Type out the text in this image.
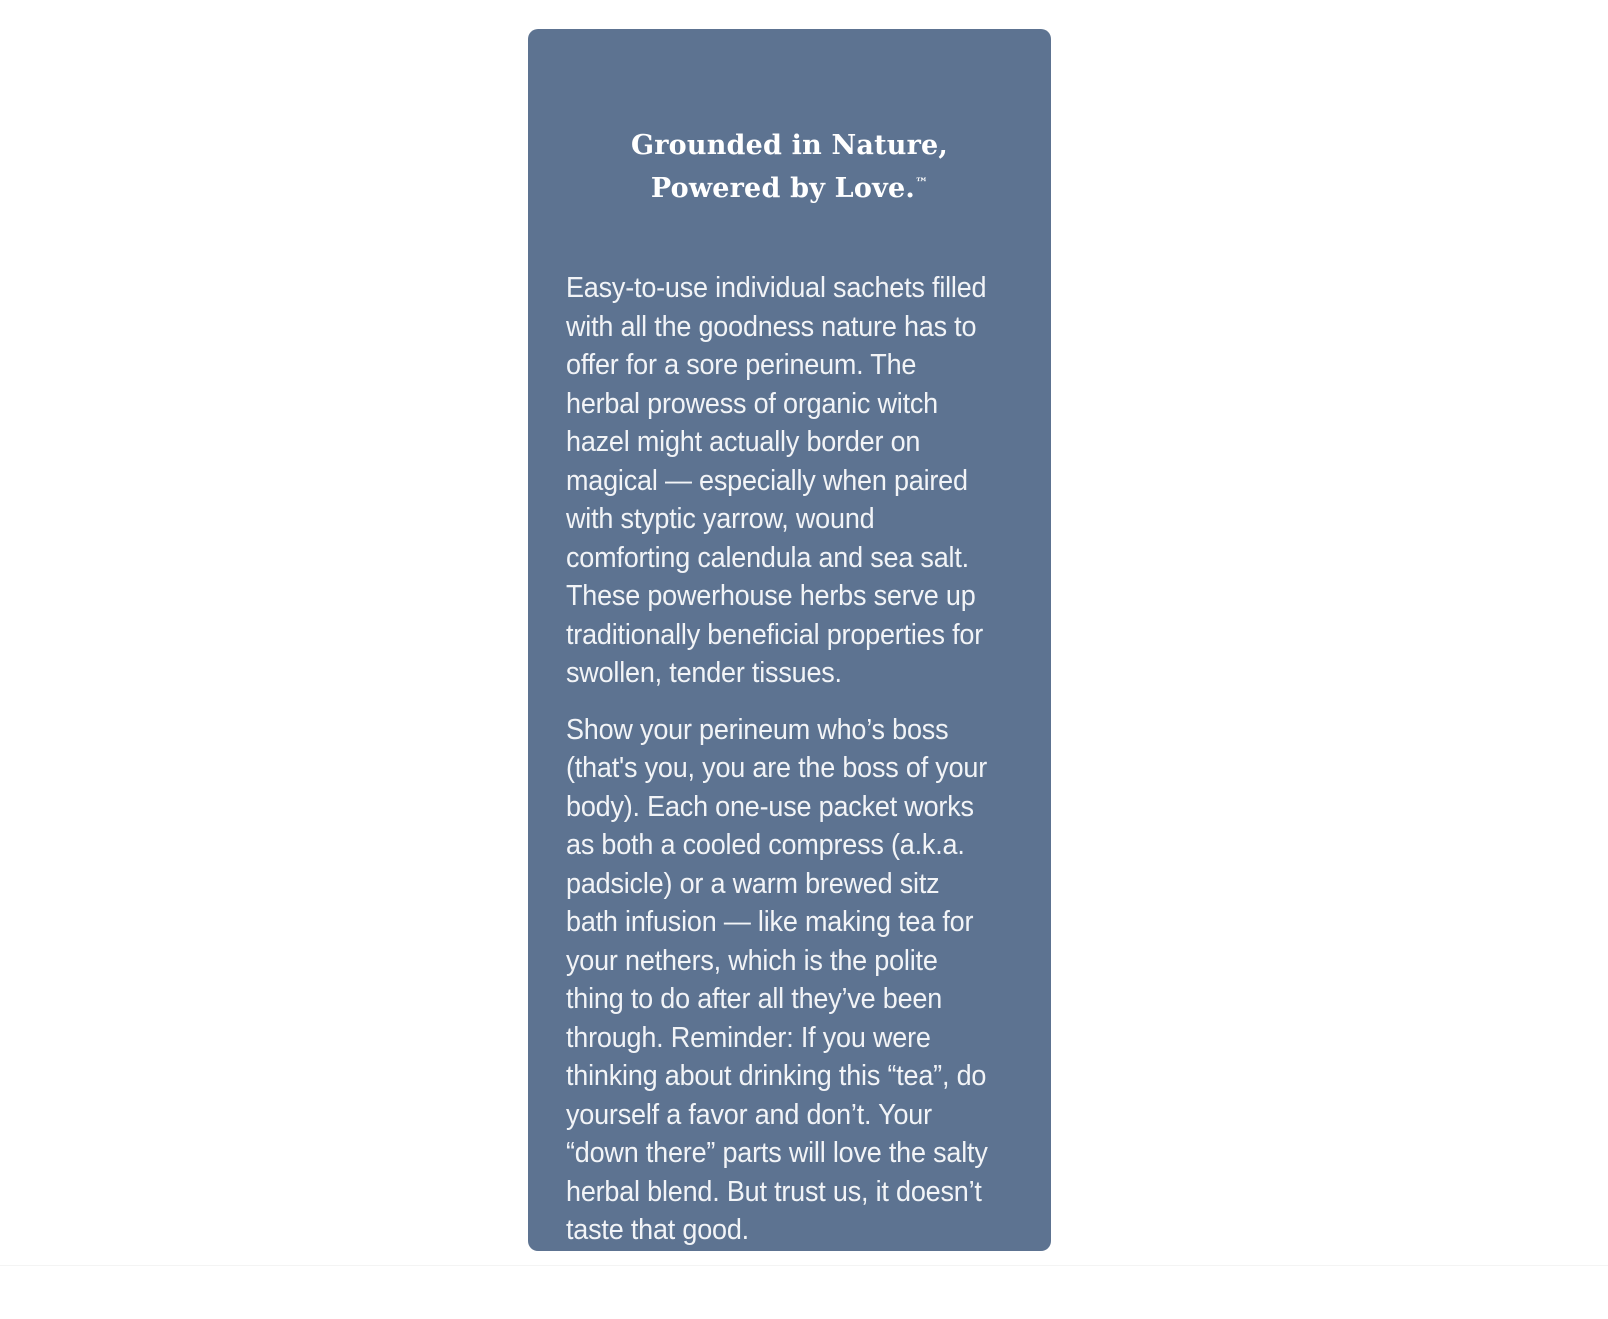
Grounded in Nature,
Powered by Love.™

Easy-to-use individual sachets filled with all the goodness nature has to offer for a sore perineum. The herbal prowess of organic witch hazel might actually border on magical — especially when paired with styptic yarrow, wound comforting calendula and sea salt. These powerhouse herbs serve up traditionally beneficial properties for swollen, tender tissues.

Show your perineum who’s boss (that's you, you are the boss of your body). Each one-use packet works as both a cooled compress (a.k.a. padsicle) or a warm brewed sitz bath infusion — like making tea for your nethers, which is the polite thing to do after all they’ve been through. Reminder: If you were thinking about drinking this “tea”, do yourself a favor and don’t. Your “down there” parts will love the salty herbal blend. But trust us, it doesn’t taste that good.
